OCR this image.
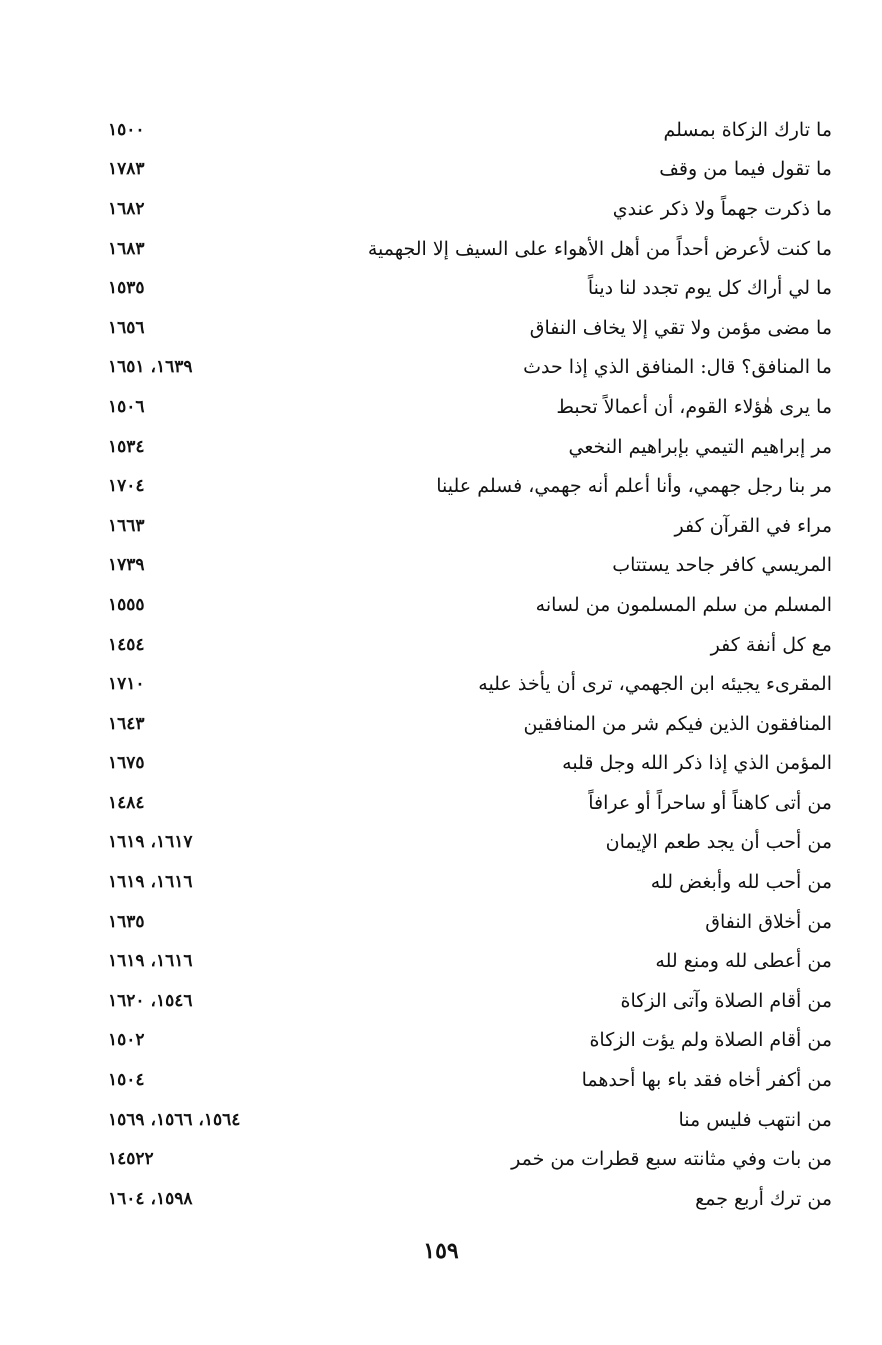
ما تارك الزكاة بمسلم
١٥٠٠
ما تقول فيما من وقف
١٧٨٣
ما ذكرت جهماً ولا ذكر عندي
١٦٨٢
ما كنت لأعرض أحداً من أهل الأهواء على السيف إلا الجهمية
١٦٨٣
ما لي أراك كل يوم تجدد لنا ديناً
١٥٣٥
ما مضى مؤمن ولا تقي إلا يخاف النفاق
١٦٥٦
ما المنافق؟ قال: المنافق الذي إذا حدث
١٦٣٩، ١٦٥١
ما يرى هٰؤلاء القوم، أن أعمالاً تحبط
١٥٠٦
مر إبراهيم التيمي بإبراهيم النخعي
١٥٣٤
مر بنا رجل جهمي، وأنا أعلم أنه جهمي، فسلم علينا
١٧٠٤
مراء في القرآن كفر
١٦٦٣
المريسي كافر جاحد يستتاب
١٧٣٩
المسلم من سلم المسلمون من لسانه
١٥٥٥
مع كل أنفة كفر
١٤٥٤
المقرىء يجيئه ابن الجهمي، ترى أن يأخذ عليه
١٧١٠
المنافقون الذين فيكم شر من المنافقين
١٦٤٣
المؤمن الذي إذا ذكر الله وجل قلبه
١٦٧٥
من أتى كاهناً أو ساحراً أو عرافاً
١٤٨٤
من أحب أن يجد طعم الإيمان
١٦١٧، ١٦١٩
من أحب لله وأبغض لله
١٦١٦، ١٦١٩
من أخلاق النفاق
١٦٣٥
من أعطى لله ومنع لله
١٦١٦، ١٦١٩
من أقام الصلاة وآتى الزكاة
١٥٤٦، ١٦٢٠
من أقام الصلاة ولم يؤت الزكاة
١٥٠٢
من أكفر أخاه فقد باء بها أحدهما
١٥٠٤
من انتهب فليس منا
١٥٦٤، ١٥٦٦، ١٥٦٩
من بات وفي مثانته سبع قطرات من خمر
١٤٥٢٢
من ترك أربع جمع
١٥٩٨، ١٦٠٤
١٥٩
